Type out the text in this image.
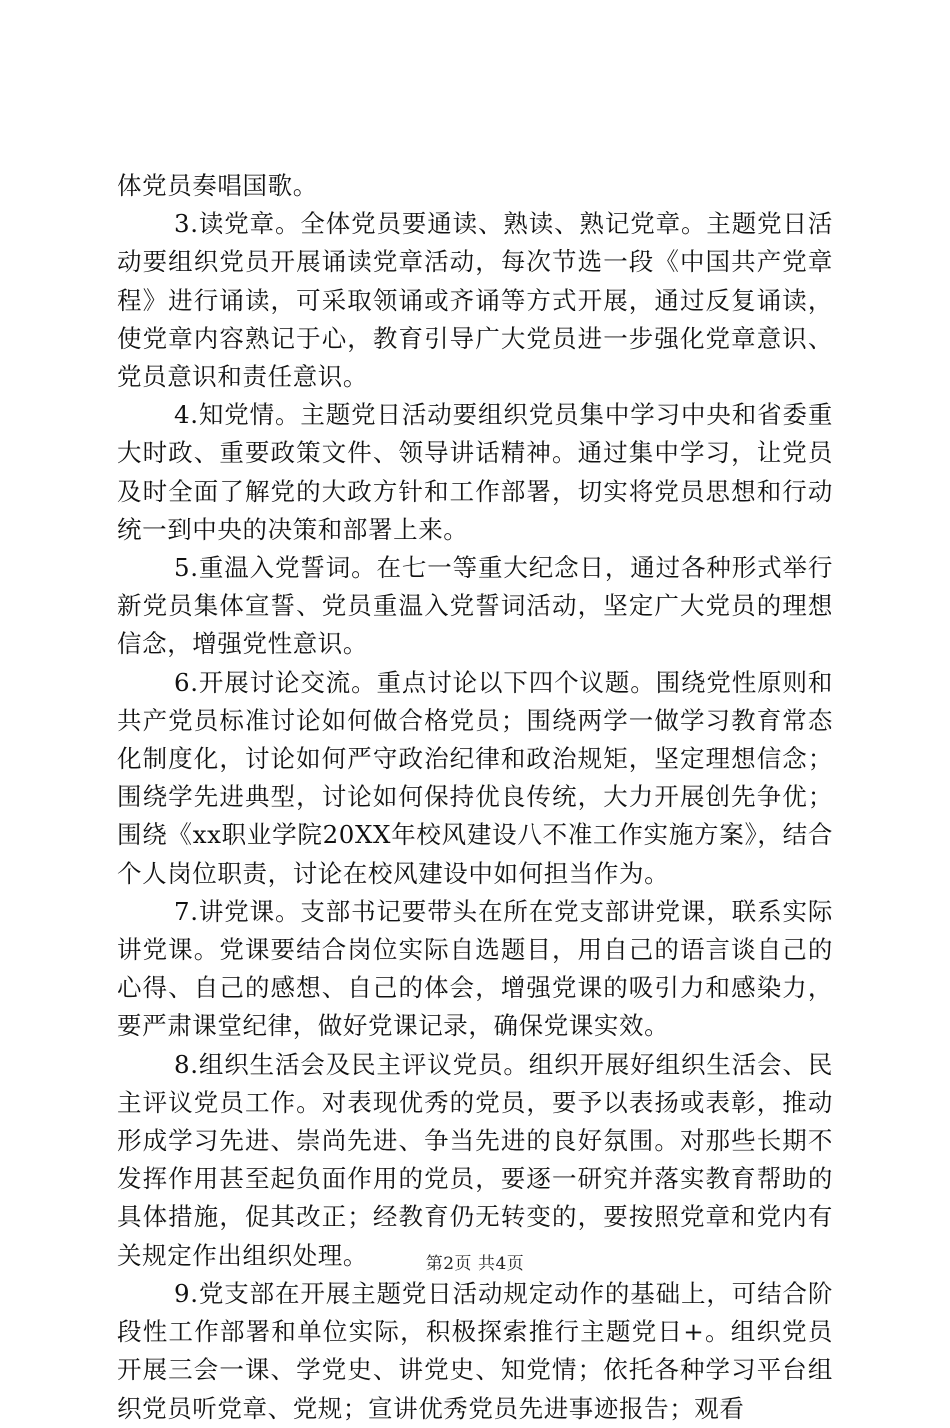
体党员奏唱国歌。

3.读党章。全体党员要通读、熟读、熟记党章。主题党日活动要组织党员开展诵读党章活动，每次节选一段《中国共产党章程》进行诵读，可采取领诵或齐诵等方式开展，通过反复诵读，使党章内容熟记于心，教育引导广大党员进一步强化党章意识、党员意识和责任意识。

4.知党情。主题党日活动要组织党员集中学习中央和省委重大时政、重要政策文件、领导讲话精神。通过集中学习，让党员及时全面了解党的大政方针和工作部署，切实将党员思想和行动统一到中央的决策和部署上来。

5.重温入党誓词。在七一等重大纪念日，通过各种形式举行新党员集体宣誓、党员重温入党誓词活动，坚定广大党员的理想信念，增强党性意识。

6.开展讨论交流。重点讨论以下四个议题。围绕党性原则和共产党员标准讨论如何做合格党员；围绕两学一做学习教育常态化制度化，讨论如何严守政治纪律和政治规矩，坚定理想信念；围绕学先进典型，讨论如何保持优良传统，大力开展创先争优；围绕《xx职业学院20XX年校风建设八不准工作实施方案》，结合个人岗位职责，讨论在校风建设中如何担当作为。

7.讲党课。支部书记要带头在所在党支部讲党课，联系实际讲党课。党课要结合岗位实际自选题目，用自己的语言谈自己的心得、自己的感想、自己的体会，增强党课的吸引力和感染力，要严肃课堂纪律，做好党课记录，确保党课实效。

8.组织生活会及民主评议党员。组织开展好组织生活会、民主评议党员工作。对表现优秀的党员，要予以表扬或表彰，推动形成学习先进、崇尚先进、争当先进的良好氛围。对那些长期不发挥作用甚至起负面作用的党员，要逐一研究并落实教育帮助的具体措施，促其改正；经教育仍无转变的，要按照党章和党内有关规定作出组织处理。

9.党支部在开展主题党日活动规定动作的基础上，可结合阶段性工作部署和单位实际，积极探索推行主题党日+。组织党员开展三会一课、学党史、讲党史、知党情；依托各种学习平台组织党员听党章、党规；宣讲优秀党员先进事迹报告；观看

第2页 共4页
